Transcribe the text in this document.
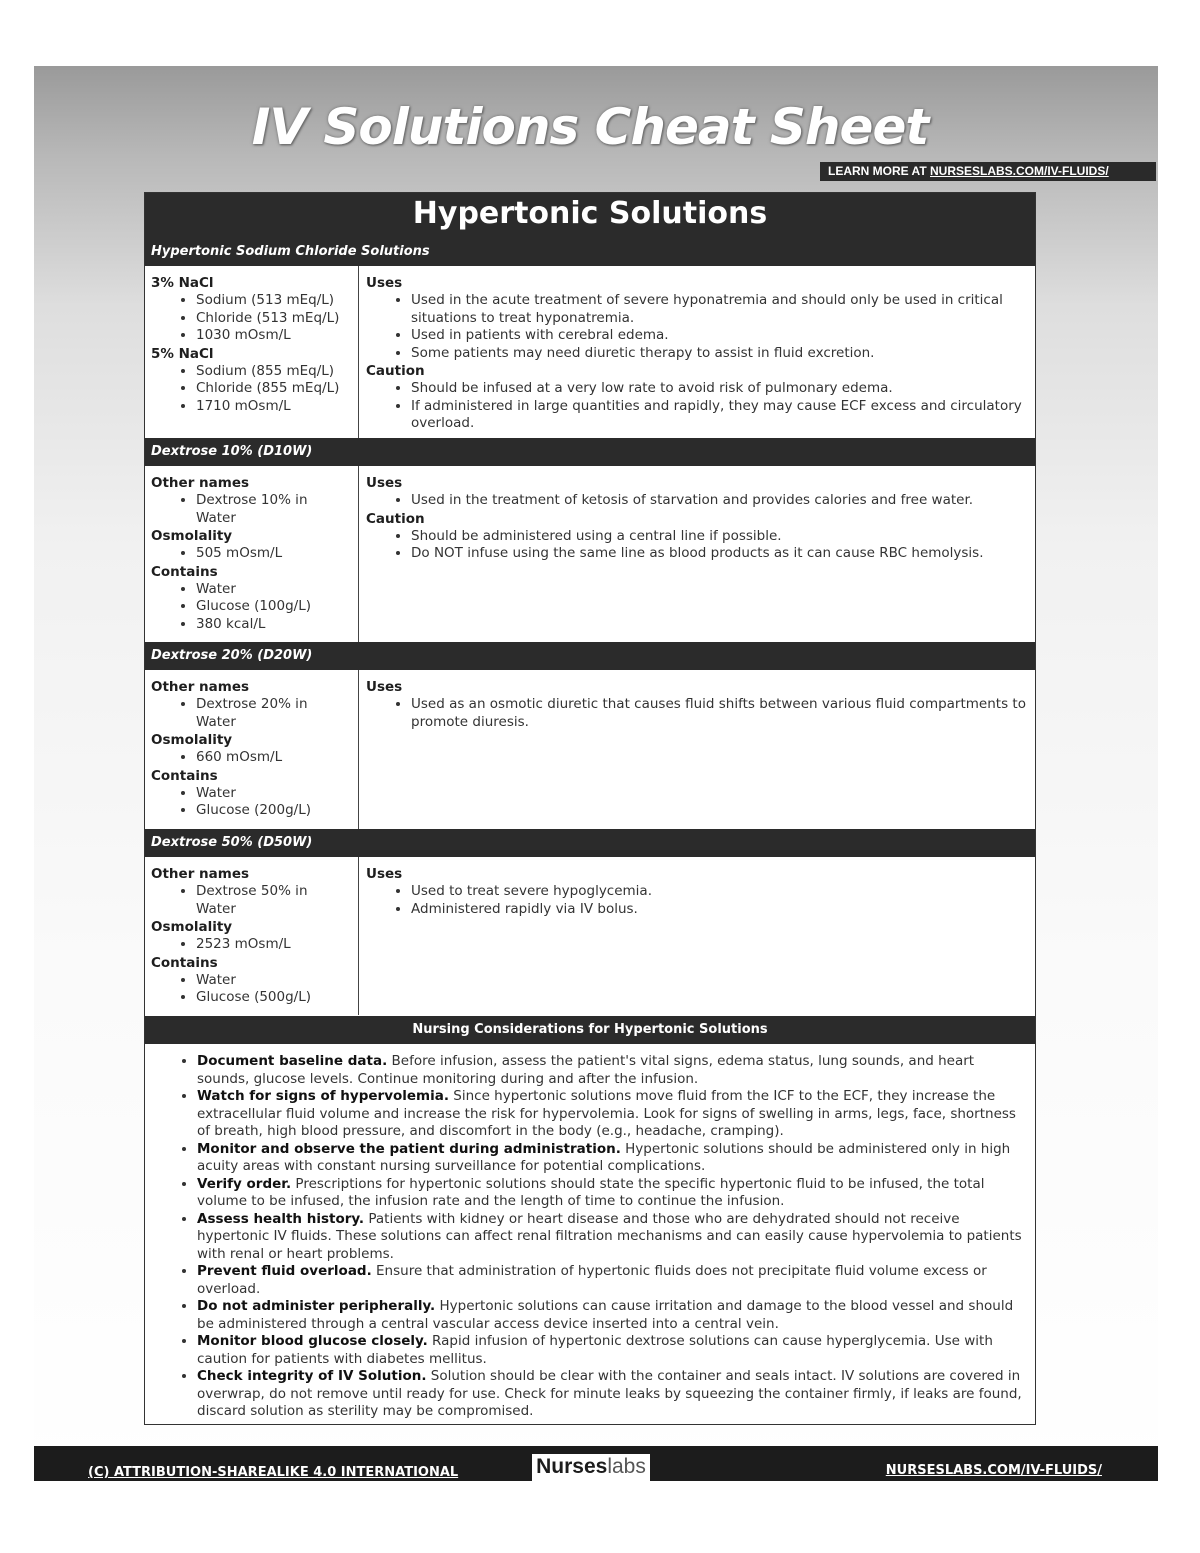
IV Solutions Cheat Sheet
LEARN MORE AT NURSESLABS.COM/IV-FLUIDS/
Hypertonic Solutions
Hypertonic Sodium Chloride Solutions

3% NaCl

• Sodium (513 mEq/L)
• Chloride (513 mEq/L)
• 1030 mOsm/L

5% NaCl

• Sodium (855 mEq/L)
• Chloride (855 mEq/L)
• 1710 mOsm/L

Uses

• Used in the acute treatment of severe hyponatremia and should only be used in critical situations to treat hyponatremia.
• Used in patients with cerebral edema.
• Some patients may need diuretic therapy to assist in fluid excretion.

Caution

• Should be infused at a very low rate to avoid risk of pulmonary edema.
• If administered in large quantities and rapidly, they may cause ECF excess and circulatory overload.
Dextrose 10% (D10W)

Other names

• Dextrose 10% in Water

Osmolality

• 505 mOsm/L

Contains

• Water
• Glucose (100g/L)
• 380 kcal/L

Uses

• Used in the treatment of ketosis of starvation and provides calories and free water.

Caution

• Should be administered using a central line if possible.
• Do NOT infuse using the same line as blood products as it can cause RBC hemolysis.
Dextrose 20% (D20W)

Other names

• Dextrose 20% in Water

Osmolality

• 660 mOsm/L

Contains

• Water
• Glucose (200g/L)

Uses

• Used as an osmotic diuretic that causes fluid shifts between various fluid compartments to promote diuresis.
Dextrose 50% (D50W)

Other names

• Dextrose 50% in Water

Osmolality

• 2523 mOsm/L

Contains

• Water
• Glucose (500g/L)

Uses

• Used to treat severe hypoglycemia.
• Administered rapidly via IV bolus.
Nursing Considerations for Hypertonic Solutions
• Document baseline data. Before infusion, assess the patient's vital signs, edema status, lung sounds, and heart sounds, glucose levels. Continue monitoring during and after the infusion.
• Watch for signs of hypervolemia. Since hypertonic solutions move fluid from the ICF to the ECF, they increase the extracellular fluid volume and increase the risk for hypervolemia. Look for signs of swelling in arms, legs, face, shortness of breath, high blood pressure, and discomfort in the body (e.g., headache, cramping).
• Monitor and observe the patient during administration. Hypertonic solutions should be administered only in high acuity areas with constant nursing surveillance for potential complications.
• Verify order. Prescriptions for hypertonic solutions should state the specific hypertonic fluid to be infused, the total volume to be infused, the infusion rate and the length of time to continue the infusion.
• Assess health history. Patients with kidney or heart disease and those who are dehydrated should not receive hypertonic IV fluids. These solutions can affect renal filtration mechanisms and can easily cause hypervolemia to patients with renal or heart problems.
• Prevent fluid overload. Ensure that administration of hypertonic fluids does not precipitate fluid volume excess or overload.
• Do not administer peripherally. Hypertonic solutions can cause irritation and damage to the blood vessel and should be administered through a central vascular access device inserted into a central vein.
• Monitor blood glucose closely. Rapid infusion of hypertonic dextrose solutions can cause hyperglycemia. Use with caution for patients with diabetes mellitus.
• Check integrity of IV Solution. Solution should be clear with the container and seals intact. IV solutions are covered in overwrap, do not remove until ready for use. Check for minute leaks by squeezing the container firmly, if leaks are found, discard solution as sterility may be compromised.
(C) ATTRIBUTION-SHAREALIKE 4.0 INTERNATIONAL	Nurseslabs	NURSESLABS.COM/IV-FLUIDS/
